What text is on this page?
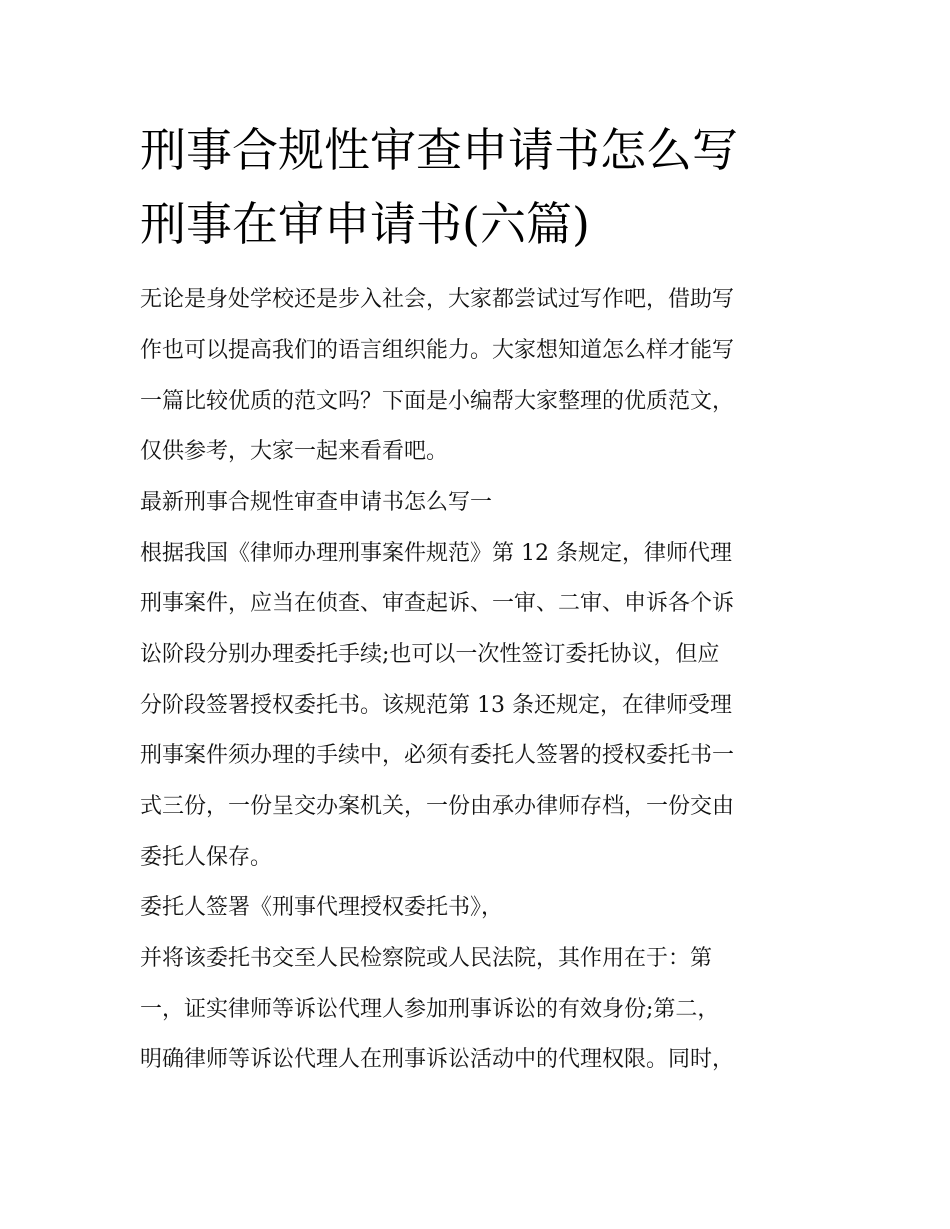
刑事合规性审查申请书怎么写
刑事在审申请书(六篇)

无论是身处学校还是步入社会，大家都尝试过写作吧，借助写

作也可以提高我们的语言组织能力。大家想知道怎么样才能写

一篇比较优质的范文吗？下面是小编帮大家整理的优质范文，

仅供参考，大家一起来看看吧。

最新刑事合规性审查申请书怎么写一

根据我国《律师办理刑事案件规范》第 12 条规定，律师代理

刑事案件，应当在侦查、审查起诉、一审、二审、申诉各个诉

讼阶段分别办理委托手续;也可以一次性签订委托协议，但应

分阶段签署授权委托书。该规范第 13 条还规定，在律师受理

刑事案件须办理的手续中，必须有委托人签署的授权委托书一

式三份，一份呈交办案机关，一份由承办律师存档，一份交由

委托人保存。

委托人签署《刑事代理授权委托书》，

并将该委托书交至人民检察院或人民法院，其作用在于：第

一，证实律师等诉讼代理人参加刑事诉讼的有效身份;第二，

明确律师等诉讼代理人在刑事诉讼活动中的代理权限。同时，
